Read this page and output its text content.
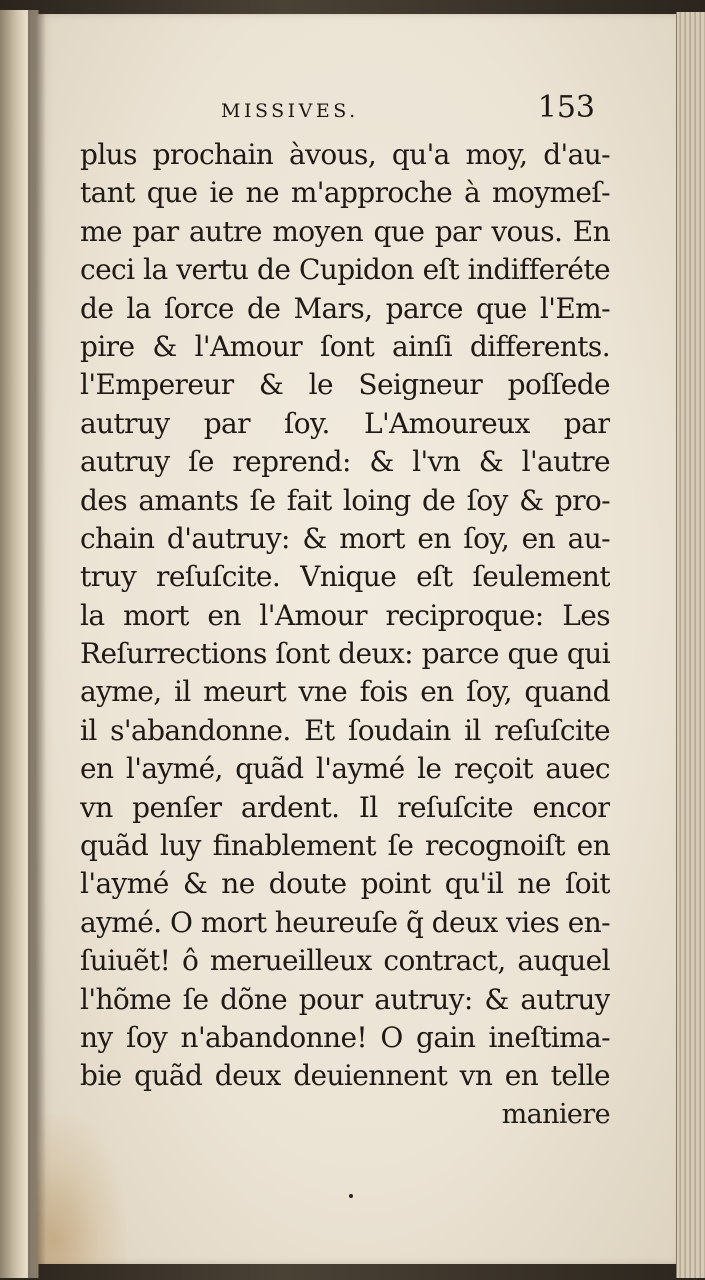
MISSIVES.	153
plus prochain àvous, qu'a moy, d'au-
tant que ie ne m'approche à moymeſ-
me par autre moyen que par vous. En
ceci la vertu de Cupidon eſt indifferéte
de la ſorce de Mars, parce que l'Em-
pire & l'Amour ſont ainſi differents.
l'Empereur & le Seigneur poſſede
autruy par ſoy. L'Amoureux par
autruy ſe reprend: & l'vn & l'autre
des amants ſe fait loing de ſoy & pro-
chain d'autruy: & mort en ſoy, en au-
truy reſuſcite. Vnique eſt ſeulement
la mort en l'Amour reciproque: Les
Reſurrections ſont deux: parce que qui
ayme, il meurt vne fois en ſoy, quand
il s'abandonne. Et ſoudain il reſuſcite
en l'aymé, quãd l'aymé le reçoit auec
vn penſer ardent. Il reſuſcite encor
quãd luy finablement ſe recognoiſt en
l'aymé & ne doute point qu'il ne ſoit
aymé. O mort heureuſe q̃ deux vies en-
ſuiuẽt! ô merueilleux contract, auquel
l'hõme ſe dõne pour autruy: & autruy
ny ſoy n'abandonne! O gain ineſtima-
bie quãd deux deuiennent vn en telle
maniere
